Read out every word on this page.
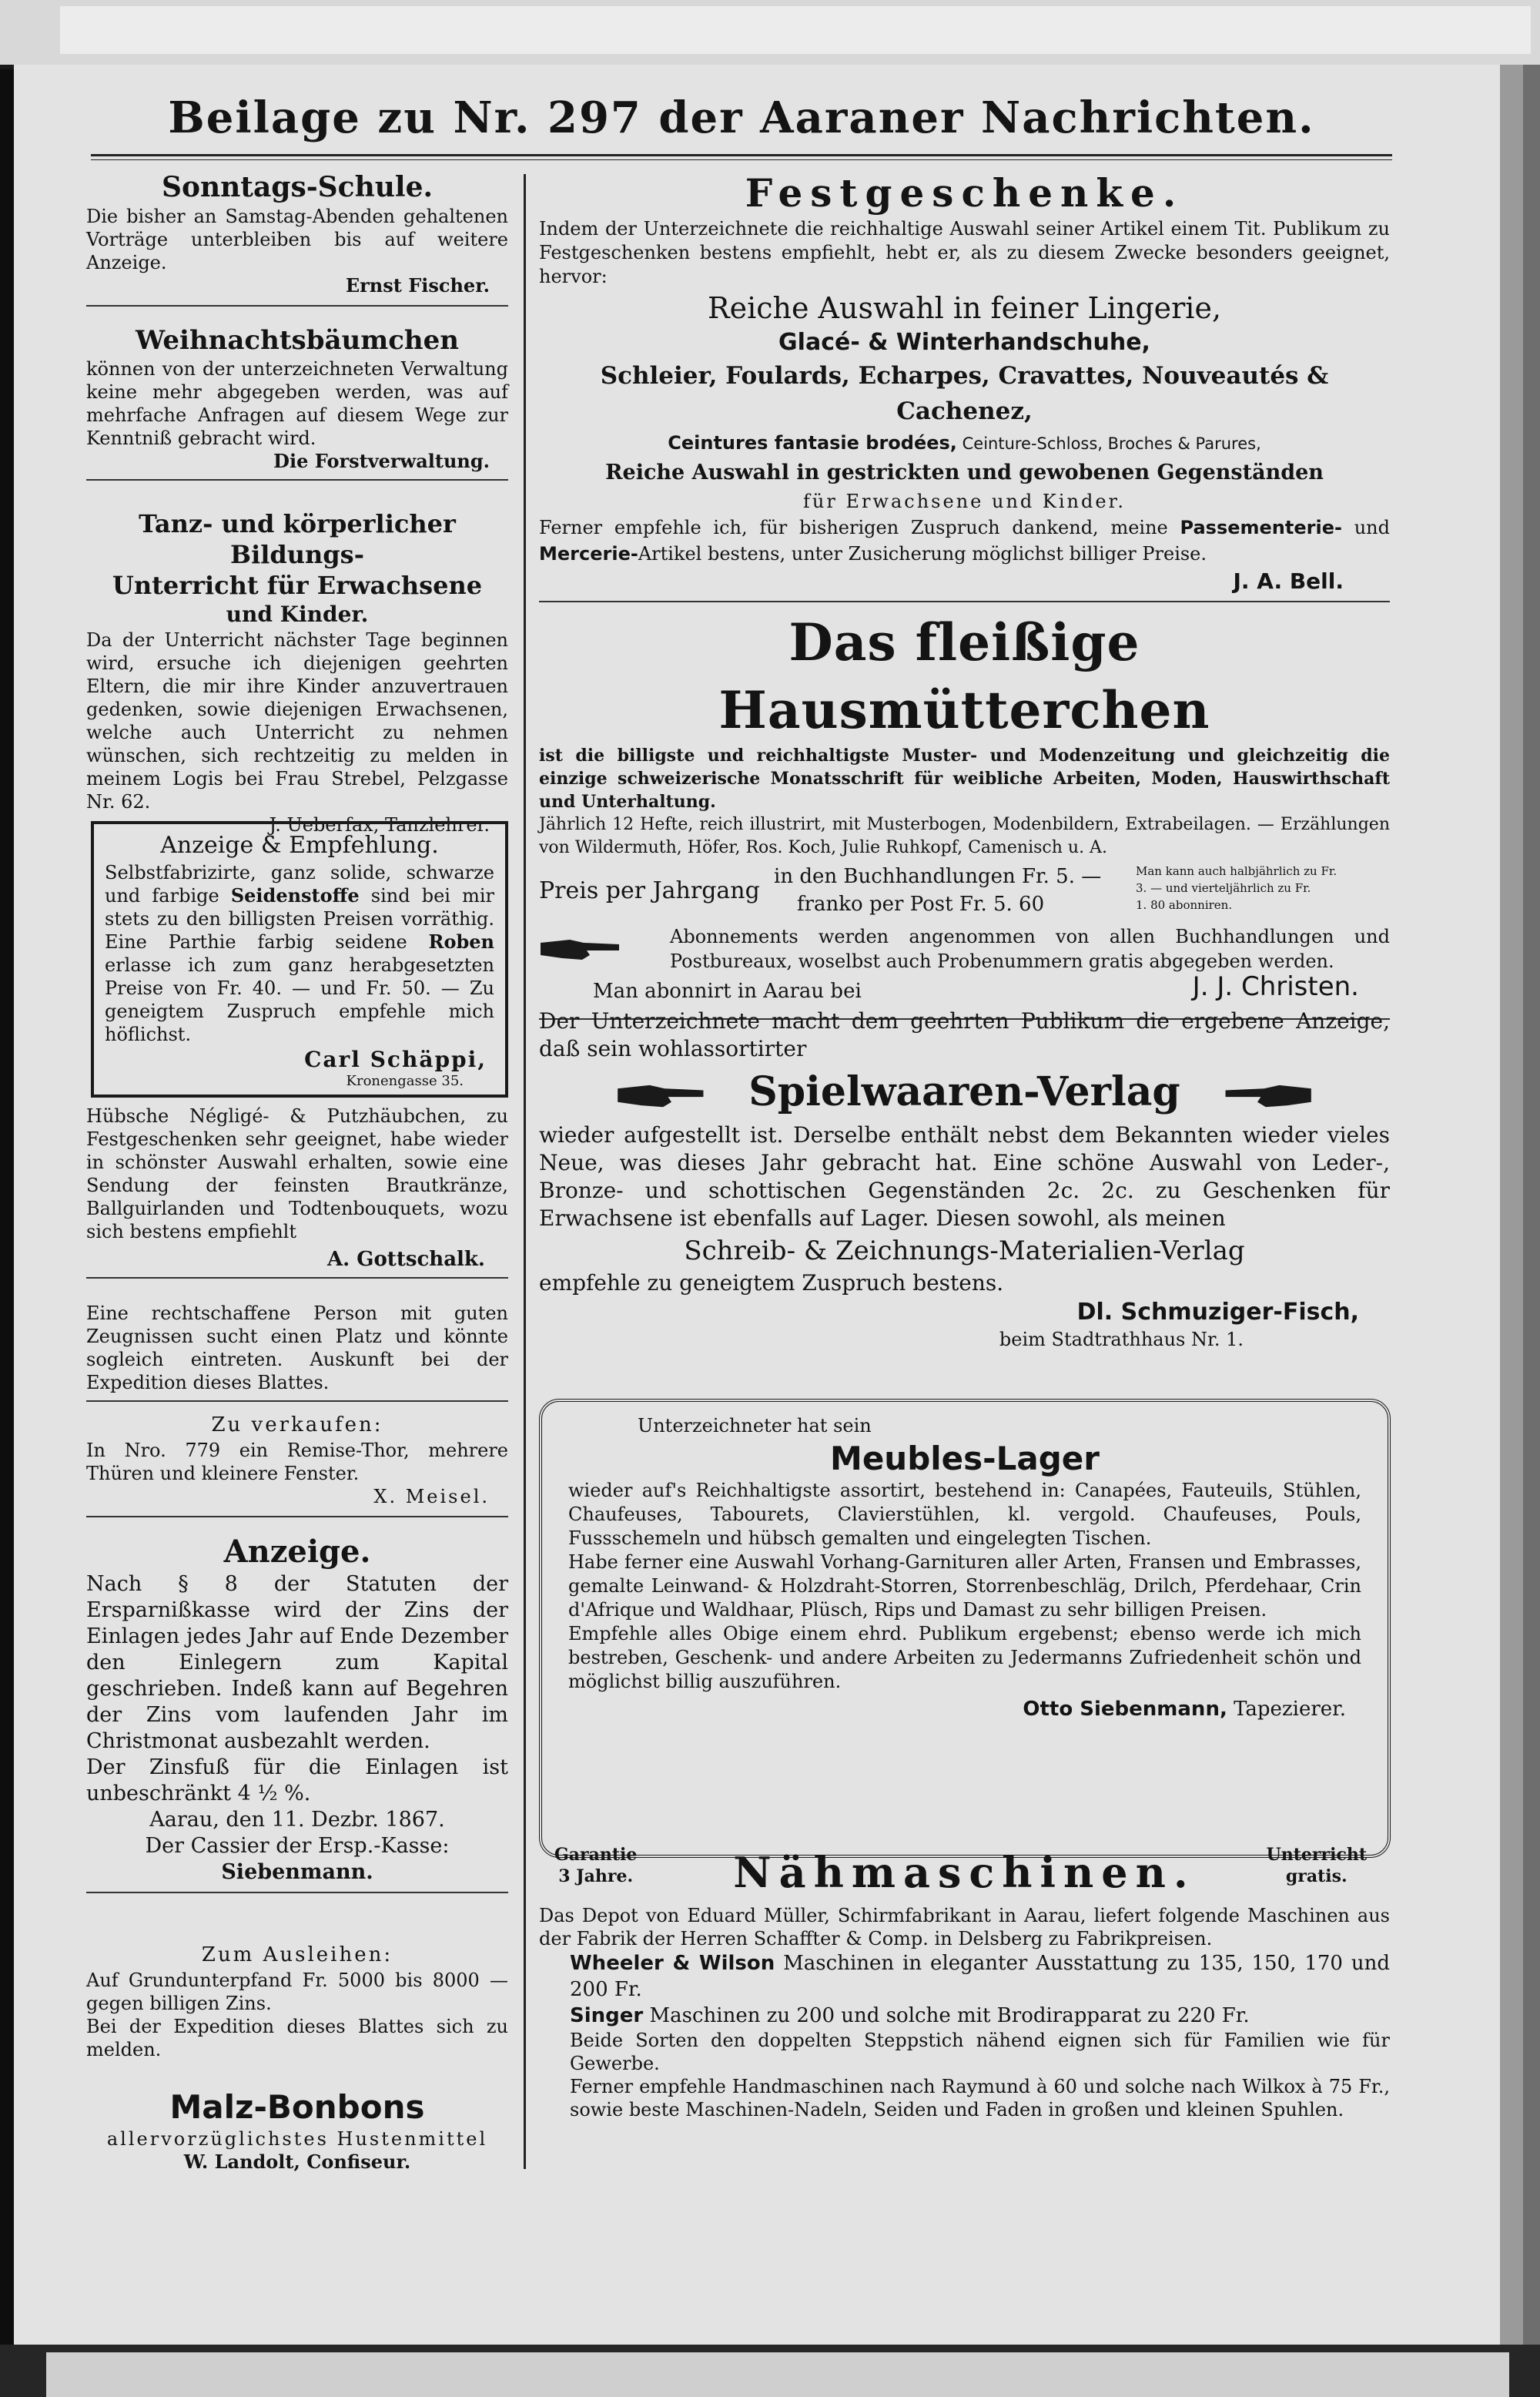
Beilage zu Nr. 297 der Aaraner Nachrichten.
Sonntags-Schule.

Die bisher an Samstag-Abenden gehaltenen Vorträge unterbleiben bis auf weitere Anzeige.

Ernst Fischer.

Weihnachtsbäumchen

können von der unterzeichneten Verwaltung keine mehr abgegeben werden, was auf mehrfache Anfragen auf diesem Wege zur Kenntniß gebracht wird.

Die Forstverwaltung.

Tanz- und körperlicher Bildungs-
Unterricht für Erwachsene
und Kinder.

Da der Unterricht nächster Tage beginnen wird, ersuche ich diejenigen geehrten Eltern, die mir ihre Kinder anzuvertrauen gedenken, sowie diejenigen Erwachsenen, welche auch Unterricht zu nehmen wünschen, sich rechtzeitig zu melden in meinem Logis bei Frau Strebel, Pelzgasse Nr. 62.

J. Ueberfax, Tanzlehrer.

Anzeige & Empfehlung.

Selbstfabrizirte, ganz solide, schwarze und farbige Seidenstoffe sind bei mir stets zu den billigsten Preisen vorräthig. Eine Parthie farbig seidene Roben erlasse ich zum ganz herabgesetzten Preise von Fr. 40. — und Fr. 50. — Zu geneigtem Zuspruch empfehle mich höflichst.

Carl Schäppi,

Kronengasse 35.

Hübsche Négligé- & Putzhäubchen, zu Festgeschenken sehr geeignet, habe wieder in schönster Auswahl erhalten, sowie eine Sendung der feinsten Brautkränze, Ballguirlanden und Todtenbouquets, wozu sich bestens empfiehlt

A. Gottschalk.

Eine rechtschaffene Person mit guten Zeugnissen sucht einen Platz und könnte sogleich eintreten. Auskunft bei der Expedition dieses Blattes.

Zu verkaufen:

In Nro. 779 ein Remise-Thor, mehrere Thüren und kleinere Fenster.

X. Meisel.

Anzeige.

Nach § 8 der Statuten der Ersparnißkasse wird der Zins der Einlagen jedes Jahr auf Ende Dezember den Einlegern zum Kapital geschrieben. Indeß kann auf Begehren der Zins vom laufenden Jahr im Christmonat ausbezahlt werden.

Der Zinsfuß für die Einlagen ist unbeschränkt 4 ½ %.

Aarau, den 11. Dezbr. 1867.

Der Cassier der Ersp.-Kasse:

Siebenmann.

Zum Ausleihen:

Auf Grundunterpfand Fr. 5000 bis 8000 — gegen billigen Zins.

Bei der Expedition dieses Blattes sich zu melden.

Malz-Bonbons

allervorzüglichstes Hustenmittel

W. Landolt, Confiseur.

Festgeschenke.

Indem der Unterzeichnete die reichhaltige Auswahl seiner Artikel einem Tit. Publikum zu Festgeschenken bestens empfiehlt, hebt er, als zu diesem Zwecke besonders geeignet, hervor:

Reiche Auswahl in feiner Lingerie,

Glacé- & Winterhandschuhe,

Schleier, Foulards, Echarpes, Cravattes, Nouveautés & Cachenez,

Ceintures fantasie brodées, Ceinture-Schloss, Broches & Parures,

Reiche Auswahl in gestrickten und gewobenen Gegenständen

für Erwachsene und Kinder.

Ferner empfehle ich, für bisherigen Zuspruch dankend, meine Passementerie- und Mercerie-Artikel bestens, unter Zusicherung möglichst billiger Preise.

J. A. Bell.

Das fleißige Hausmütterchen

ist die billigste und reichhaltigste Muster- und Modenzeitung und gleichzeitig die einzige schweizerische Monatsschrift für weibliche Arbeiten, Moden, Hauswirthschaft und Unterhaltung.

Jährlich 12 Hefte, reich illustrirt, mit Musterbogen, Modenbildern, Extrabeilagen. — Erzählungen von Wildermuth, Höfer, Ros. Koch, Julie Ruhkopf, Camenisch u. A.

Preis per Jahrgang
in den Buchhandlungen Fr. 5. —
franko per Post Fr. 5. 60
Man kann auch halbjährlich zu Fr.
3. — und vierteljährlich zu Fr.
1. 80 abonniren.

Abonnements werden angenommen von allen Buchhandlungen und Postbureaux, woselbst auch Probenummern gratis abgegeben werden.

Man abonnirt in Aarau bei	J. J. Christen.

Der Unterzeichnete macht dem geehrten Publikum die ergebene Anzeige, daß sein wohlassortirter

Spielwaaren-Verlag

wieder aufgestellt ist. Derselbe enthält nebst dem Bekannten wieder vieles Neue, was dieses Jahr gebracht hat. Eine schöne Auswahl von Leder-, Bronze- und schottischen Gegenständen 2c. 2c. zu Geschenken für Erwachsene ist ebenfalls auf Lager. Diesen sowohl, als meinen

Schreib- & Zeichnungs-Materialien-Verlag

empfehle zu geneigtem Zuspruch bestens.

Dl. Schmuziger-Fisch,

beim Stadtrathhaus Nr. 1.

Unterzeichneter hat sein

Meubles-Lager

wieder auf's Reichhaltigste assortirt, bestehend in: Canapées, Fauteuils, Stühlen, Chaufeuses, Tabourets, Clavierstühlen, kl. vergold. Chaufeuses, Pouls, Fussschemeln und hübsch gemalten und eingelegten Tischen.

Habe ferner eine Auswahl Vorhang-Garnituren aller Arten, Fransen und Embrasses, gemalte Leinwand- & Holzdraht-Storren, Storrenbeschläg, Drilch, Pferdehaar, Crin d'Afrique und Waldhaar, Plüsch, Rips und Damast zu sehr billigen Preisen.

Empfehle alles Obige einem ehrd. Publikum ergebenst; ebenso werde ich mich bestreben, Geschenk- und andere Arbeiten zu Jedermanns Zufriedenheit schön und möglichst billig auszuführen.

Otto Siebenmann, Tapezierer.

Garantie
3 Jahre.	Nähmaschinen.	Unterricht
gratis.

Das Depot von Eduard Müller, Schirmfabrikant in Aarau, liefert folgende Maschinen aus der Fabrik der Herren Schaffter & Comp. in Delsberg zu Fabrikpreisen.

Wheeler & Wilson Maschinen in eleganter Ausstattung zu 135, 150, 170 und 200 Fr.

Singer Maschinen zu 200 und solche mit Brodirapparat zu 220 Fr.

Beide Sorten den doppelten Steppstich nähend eignen sich für Familien wie für Gewerbe.

Ferner empfehle Handmaschinen nach Raymund à 60 und solche nach Wilkox à 75 Fr., sowie beste Maschinen-Nadeln, Seiden und Faden in großen und kleinen Spuhlen.
